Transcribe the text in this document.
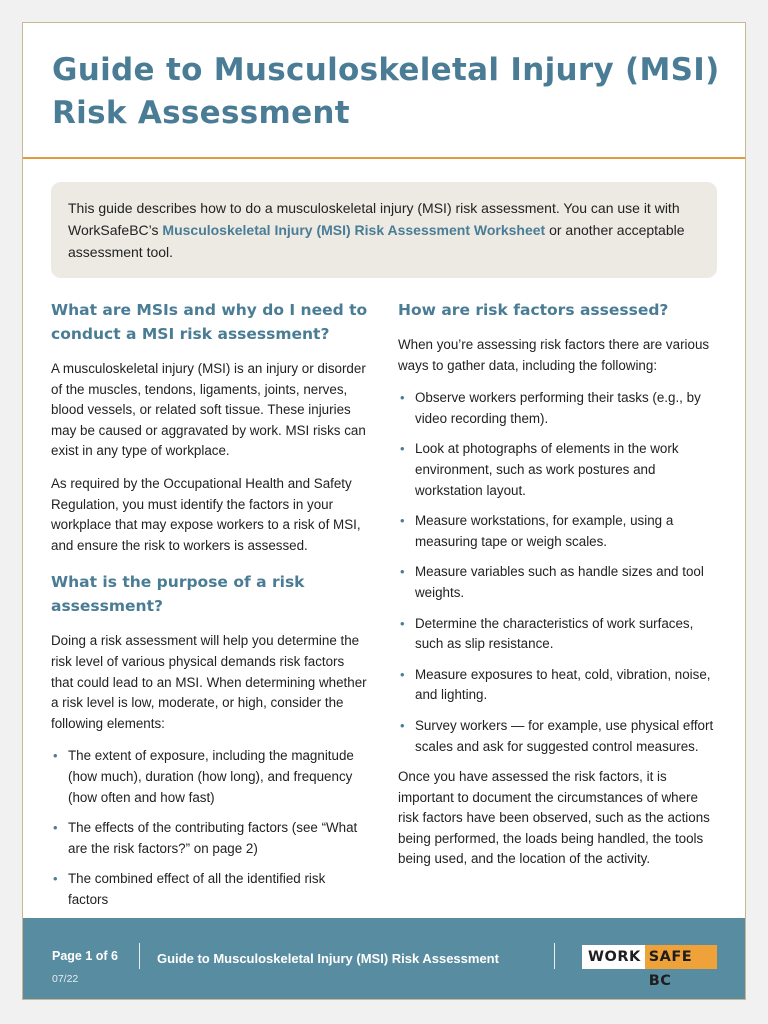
Guide to Musculoskeletal Injury (MSI)
Risk Assessment
This guide describes how to do a musculoskeletal injury (MSI) risk assessment. You can use it with WorkSafeBC’s Musculoskeletal Injury (MSI) Risk Assessment Worksheet or another acceptable assessment tool.
What are MSIs and why do I need to conduct a MSI risk assessment?

A musculoskeletal injury (MSI) is an injury or disorder of the muscles, tendons, ligaments, joints, nerves, blood vessels, or related soft tissue. These injuries may be caused or aggravated by work. MSI risks can exist in any type of workplace.

As required by the Occupational Health and Safety Regulation, you must identify the factors in your workplace that may expose workers to a risk of MSI, and ensure the risk to workers is assessed.

What is the purpose of a risk assessment?

Doing a risk assessment will help you determine the risk level of various physical demands risk factors that could lead to an MSI. When determining whether a risk level is low, moderate, or high, consider the following elements:

• The extent of exposure, including the magnitude (how much), duration (how long), and frequency (how often and how fast)
• The effects of the contributing factors (see “What are the risk factors?” on page 2)
• The combined effect of all the identified risk factors
How are risk factors assessed?

When you’re assessing risk factors there are various ways to gather data, including the following:

• Observe workers performing their tasks (e.g., by video recording them).
• Look at photographs of elements in the work environment, such as work postures and workstation layout.
• Measure workstations, for example, using a measuring tape or weigh scales.
• Measure variables such as handle sizes and tool weights.
• Determine the characteristics of work surfaces, such as slip resistance.
• Measure exposures to heat, cold, vibration, noise, and lighting.
• Survey workers — for example, use physical effort scales and ask for suggested control measures.

Once you have assessed the risk factors, it is important to document the circumstances of where risk factors have been observed, such as the actions being performed, the loads being handled, the tools being used, and the location of the activity.

Page 1 of 6
07/22
Guide to Musculoskeletal Injury (MSI) Risk Assessment	WORK SAFE BC
